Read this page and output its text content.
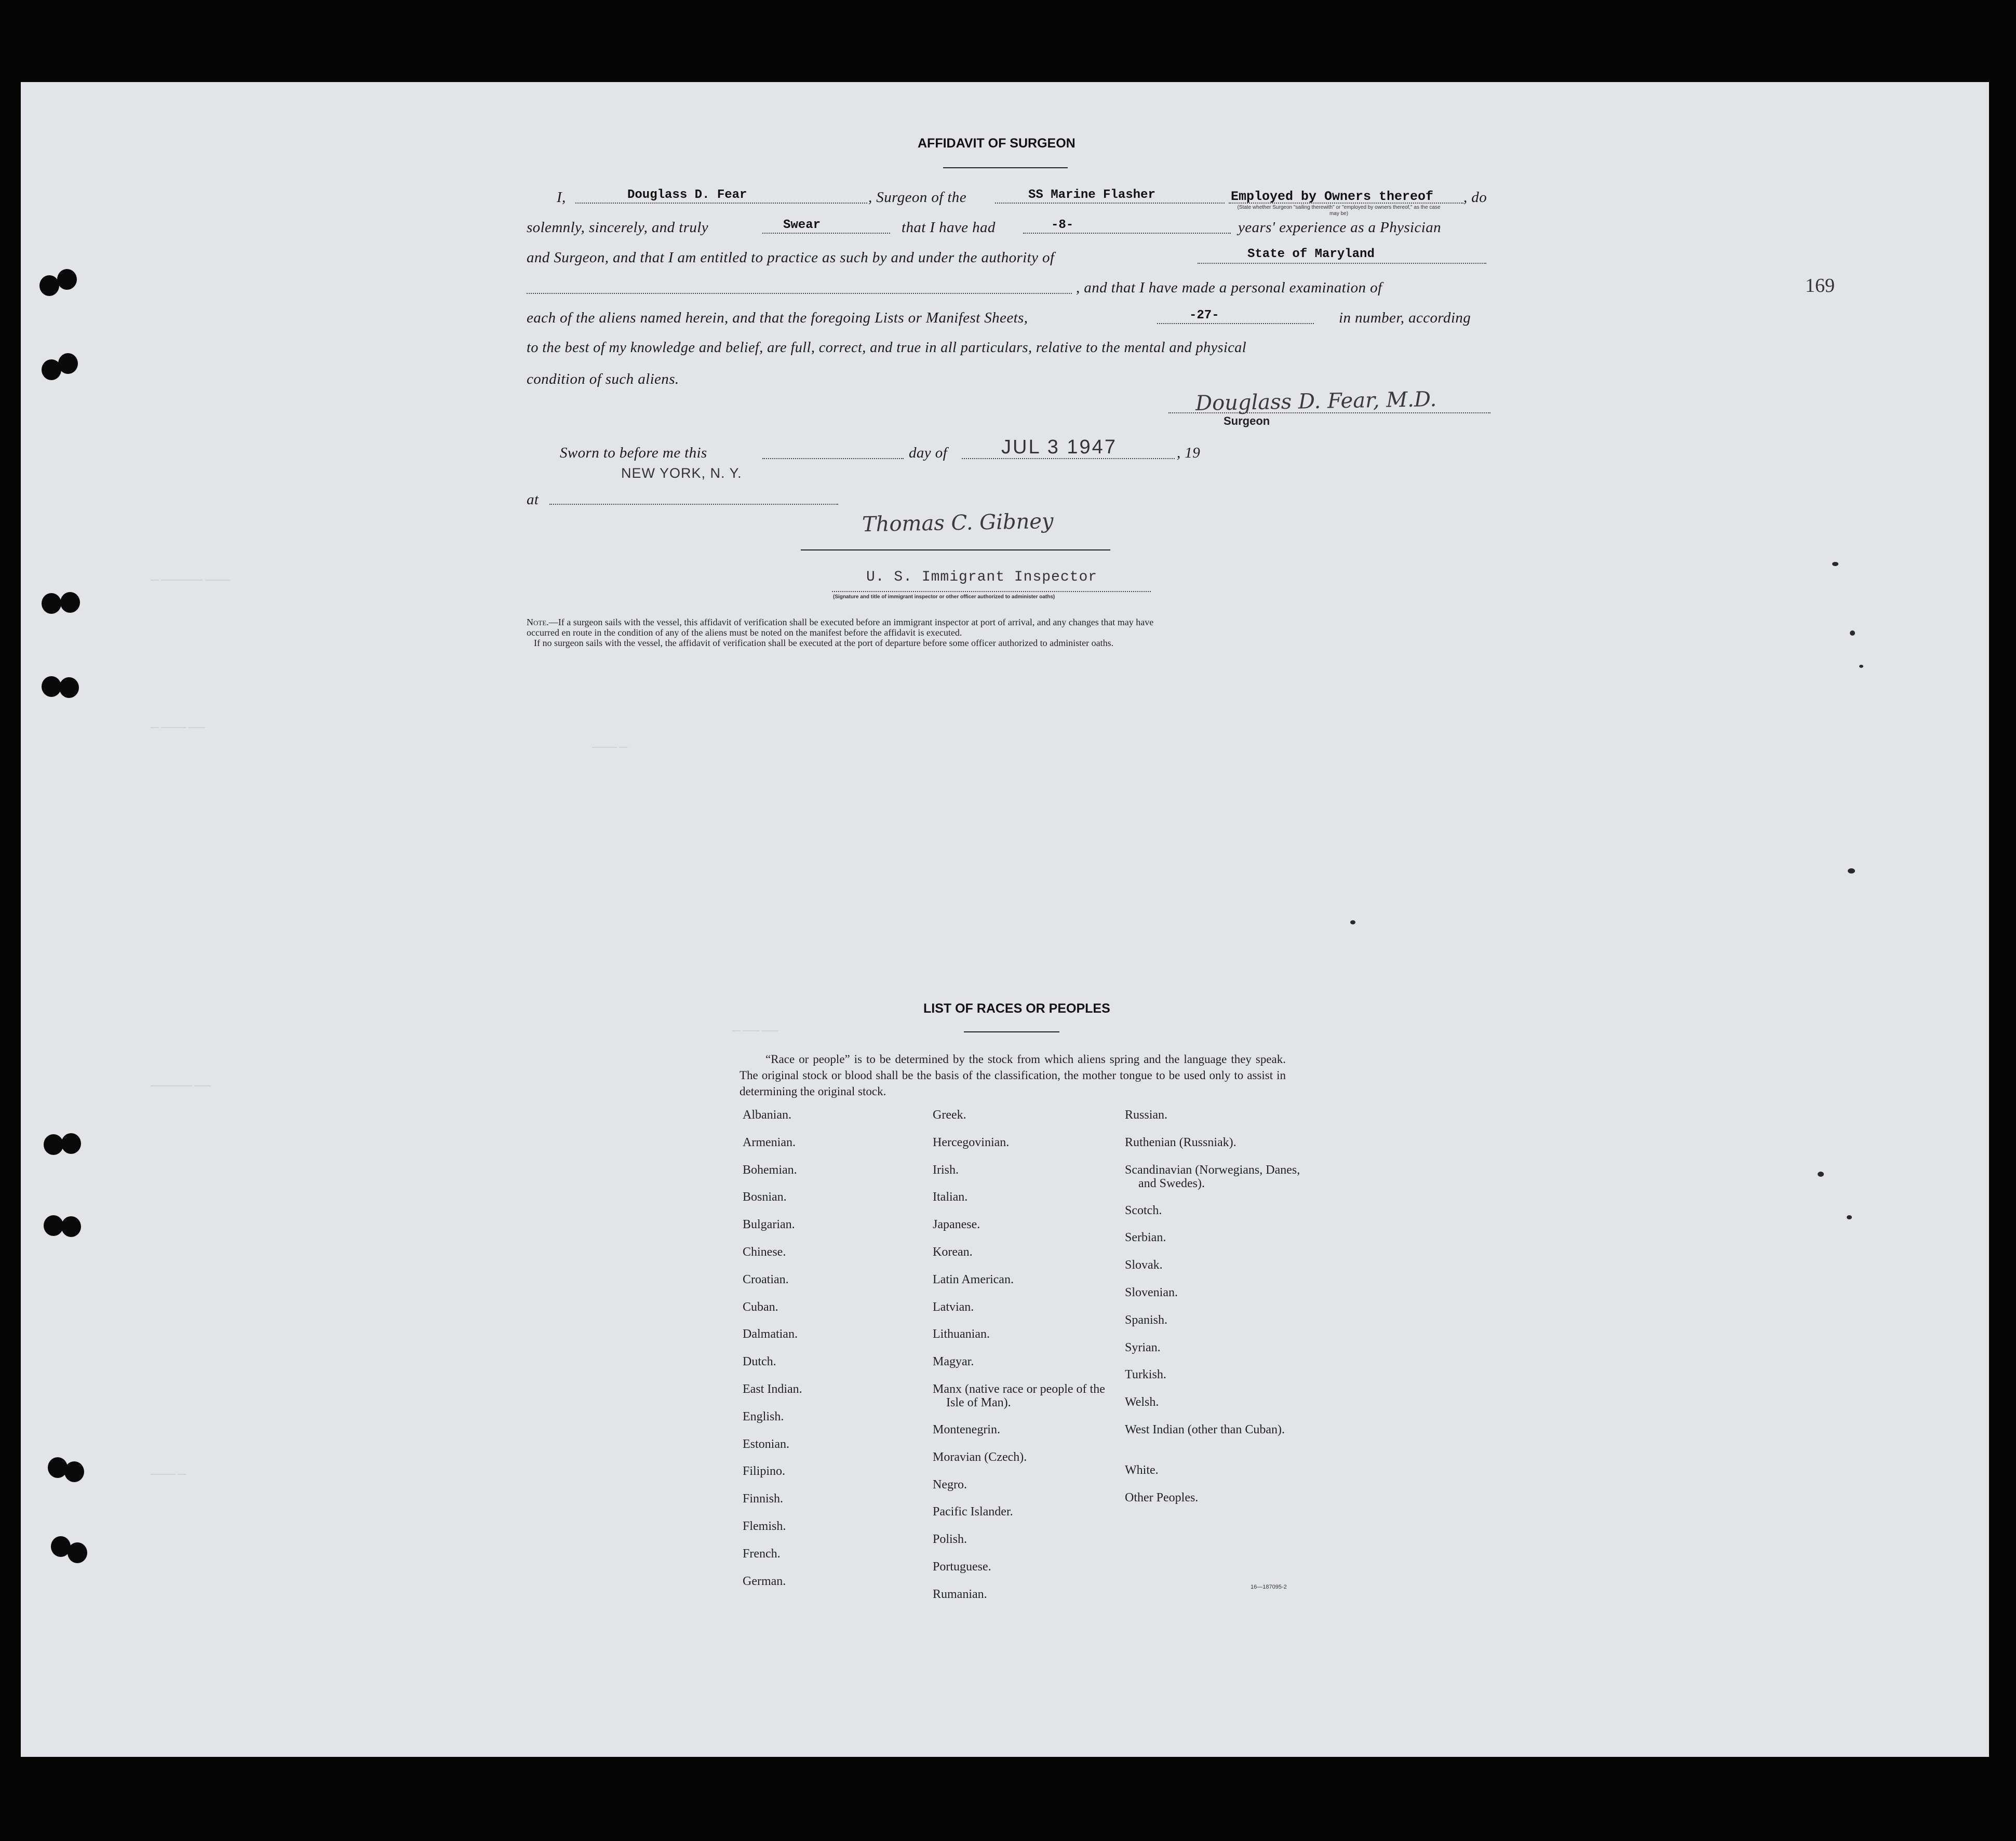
— ————— ———
— ——— ——
——— —
— —— ——
————— ——
——— —
169
AFFIDAVIT OF SURGEON
I,	Douglass D. Fear	, Surgeon of the	SS Marine Flasher	Employed by Owners thereof , do
(State whether Surgeon "sailing therewith" or "employed by owners thereof," as the case may be)
solemnly, sincerely, and truly	Swear	that I have had	-8-	years' experience as a Physician
and Surgeon, and that I am entitled to practice as such by and under the authority of	State of Maryland
, and that I have made a personal examination of
each of the aliens named herein, and that the foregoing Lists or Manifest Sheets,	-27-	in number, according
to the best of my knowledge and belief, are full, correct, and true in all particulars, relative to the mental and physical
condition of such aliens.
Douglass D. Fear, M.D.
Surgeon
Sworn to before me this	day of	JUL 3 1947	, 19
NEW YORK, N. Y.
at
Thomas C. Gibney
U. S. Immigrant Inspector
(Signature and title of immigrant inspector or other officer authorized to administer oaths)
Note.—If a surgeon sails with the vessel, this affidavit of verification shall be executed before an immigrant inspector at port of arrival, and any changes that may have
occurred en route in the condition of any of the aliens must be noted on the manifest before the affidavit is executed.
If no surgeon sails with the vessel, the affidavit of verification shall be executed at the port of departure before some officer authorized to administer oaths.
LIST OF RACES OR PEOPLES
“Race or people” is to be determined by the stock from which aliens spring and the language they speak. The original stock or blood shall be the basis of the classification, the mother tongue to be used only to assist in determining the original stock.
Albanian.
Armenian.
Bohemian.
Bosnian.
Bulgarian.
Chinese.
Croatian.
Cuban.
Dalmatian.
Dutch.
East Indian.
English.
Estonian.
Filipino.
Finnish.
Flemish.
French.
German.
Greek.
Hercegovinian.
Irish.
Italian.
Japanese.
Korean.
Latin American.
Latvian.
Lithuanian.
Magyar.
Manx (native race or people of the Isle of Man).
Montenegrin.
Moravian (Czech).
Negro.
Pacific Islander.
Polish.
Portuguese.
Rumanian.
Russian.
Ruthenian (Russniak).
Scandinavian (Norwegians, Danes, and Swedes).
Scotch.
Serbian.
Slovak.
Slovenian.
Spanish.
Syrian.
Turkish.
Welsh.
West Indian (other than Cuban).
White.
Other Peoples.
16—187095-2
